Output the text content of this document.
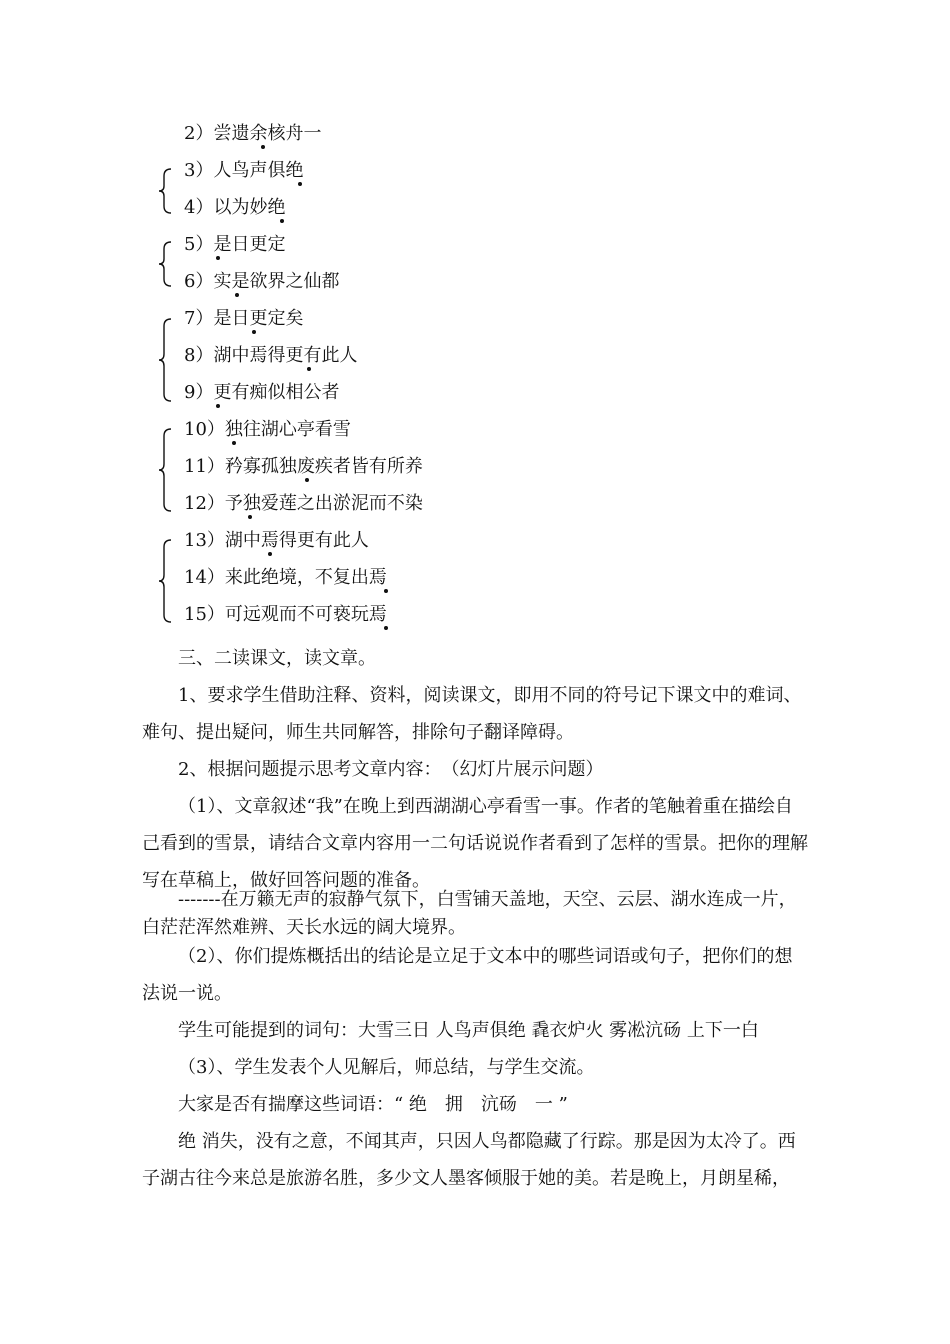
2）尝遗余核舟一
3）人鸟声俱绝
4）以为妙绝
5）是日更定
6）实是欲界之仙都
7）是日更定矣
8）湖中焉得更有此人
9）更有痴似相公者
10）独往湖心亭看雪
11）矜寡孤独废疾者皆有所养
12）予独爱莲之出淤泥而不染
13）湖中焉得更有此人
14）来此绝境，不复出焉
15）可远观而不可亵玩焉
三、二读课文，读文章。
1、要求学生借助注释、资料，阅读课文，即用不同的符号记下课文中的难词、难句、提出疑问，师生共同解答，排除句子翻译障碍。
2、根据问题提示思考文章内容：　（幻灯片展示问题）
（1）、文章叙述“我”在晚上到西湖湖心亭看雪一事。作者的笔触着重在描绘自己看到的雪景，请结合文章内容用一二句话说说作者看到了怎样的雪景。把你的理解写在草稿上，做好回答问题的准备。
-------在万籁无声的寂静气氛下，白雪铺天盖地，天空、云层、湖水连成一片，白茫茫浑然难辨、天长水远的阔大境界。
（2）、你们提炼概括出的结论是立足于文本中的哪些词语或句子，把你们的想法说一说。
学生可能提到的词句：大雪三日 人鸟声俱绝 毳衣炉火 雾凇沆砀 上下一白
（3）、学生发表个人见解后，师总结，与学生交流。
大家是否有揣摩这些词语：“ 绝　拥　沆砀　一 ”
绝 消失，没有之意，不闻其声，只因人鸟都隐藏了行踪。那是因为太冷了。西子湖古往今来总是旅游名胜，多少文人墨客倾服于她的美。若是晚上，月朗星稀，
